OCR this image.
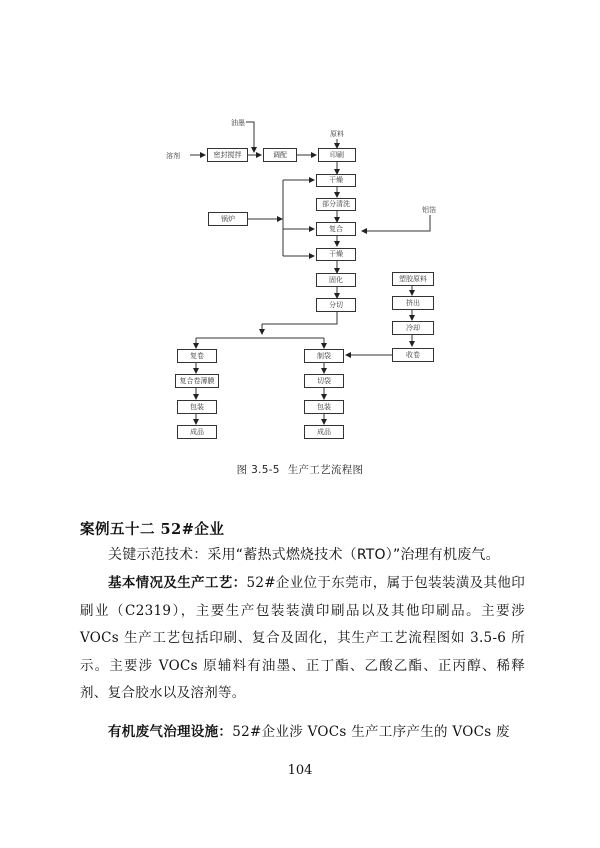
溶剂
油墨
原料
铝箔
密封搅拌	调配	印刷
干燥
部分清洗
复合
干燥
固化
分切
锅炉
塑胶原料
挤出
冷却
收卷
复卷
复合卷薄膜
包装
成品
制袋
切袋
包装
成品
图 3.5-5 生产工艺流程图
案例五十二 52#企业
关键示范技术：采用“蓄热式燃烧技术（RTO）”治理有机废气。
基本情况及生产工艺：52#企业位于东莞市，属于包装装潢及其他印刷业（C2319），主要生产包装装潢印刷品以及其他印刷品。主要涉 VOCs 生产工艺包括印刷、复合及固化，其生产工艺流程图如 3.5-6 所示。主要涉 VOCs 原辅料有油墨、正丁酯、乙酸乙酯、正丙醇、稀释剂、复合胶水以及溶剂等。
有机废气治理设施：52#企业涉 VOCs 生产工序产生的 VOCs 废
104
